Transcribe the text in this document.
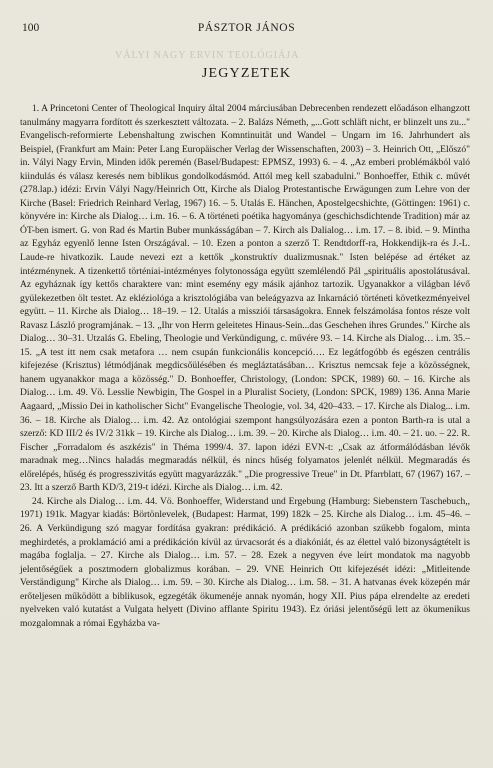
100	PÁSZTOR JÁNOS
VÁLYI NAGY ERVIN TEOLÓGIÁJA
JEGYZETEK

1. A Princetoni Center of Theological Inquiry által 2004 márciusában Debrecenben rendezett előadáson elhangzott tanulmány magyarra fordított és szerkesztett változata. – 2. Balázs Németh, „...Gott schläft nicht, er blinzelt uns zu..." Evangelisch-reformierte Lebenshaltung zwischen Komntinuität und Wandel – Ungarn im 16. Jahrhundert als Beispiel, (Frankfurt am Main: Peter Lang Europäischer Verlag der Wissenschaften, 2003) – 3. Heinrich Ott, „Előszó" in. Vályi Nagy Ervin, Minden idők peremén (Basel/Budapest: EPMSZ, 1993) 6. – 4. „Az emberi problémákból való kiindulás és válasz keresés nem biblikus gondolkodásmód. Attól meg kell szabadulni." Bonhoeffer, Ethik c. művét (278.lap.) idézi: Ervin Vályi Nagy/Heinrich Ott, Kirche als Dialog Protestantische Erwägungen zum Lehre von der Kirche (Basel: Friedrich Reinhard Verlag, 1967) 16. – 5. Utalás E. Hänchen, Apostelgecshichte, (Göttingen: 1961) c. könyvére in: Kirche als Dialog… i.m. 16. – 6. A történeti poétika hagyománya (geschichsdichtende Tradition) már az ÓT-ben ismert. G. von Rad és Martin Buber munkásságában – 7. Kirch als Dalialog… i.m. 17. – 8. ibid. – 9. Mintha az Egyház egyenlő lenne Isten Országával. – 10. Ezen a ponton a szerző T. Rendtdorff-ra, Hokkendijk-ra és J.-L. Laude-re hivatkozik. Laude nevezi ezt a kettők „konstruktív dualizmusnak." Isten belépése ad értéket az intézménynek. A tizenkettő történiai-intézményes folytonossága együtt szemlélendő Pál „spirituális apostolátusával. Az egyháznak így kettős charaktere van: mint esemény egy másik ajánhoz tartozik. Ugyanakkor a világban lévő gyülekezetben ölt testet. Az ekléziológa a krisztológiába van beleágyazva az Inkarnáció történeti következményeivel együtt. – 11. Kirche als Dialog… 18–19. – 12. Utalás a missziói társaságokra. Ennek felszámolása fontos része volt Ravasz László programjának. – 13. „Ihr von Herrn geleitetes Hinaus-Sein...das Geschehen ihres Grundes." Kirche als Dialog… 30–31. Utzalás G. Ebeling, Theologie und Verkündigung, c. művére 93. – 14. Kirche als Dialog… i.m. 35.– 15. „A test itt nem csak metafora … nem csupán funkcionális koncepció…. Ez legátfogóbb és egészen centrális kifejezése (Krisztus) létmódjának megdicsőülésében és megláztatásában… Krisztus nemcsak feje a közösségnek, hanem ugyanakkor maga a közösség." D. Bonhoeffer, Christology, (London: SPCK, 1989) 60. – 16. Kirche als Dialog… i.m. 49. Vö. Lesslie Newbigin, The Gospel in a Pluralist Society, (London: SPCK, 1989) 136. Anna Marie Aagaard, „Missio Dei in katholischer Sicht" Evangelische Theologie, vol. 34, 420–433. – 17. Kirche als Dialog... i.m. 36. – 18. Kirche als Dialog… i.m. 42. Az ontológiai szempont hangsúlyozására ezen a ponton Barth-ra is utal a szerző: KD III/2 és IV/2 31kk – 19. Kirche als Dialog… i.m. 39. – 20. Kirche als Dialog… i.m. 40. – 21. uo. – 22. R. Fischer „Forradalom és aszkézis" in Théma 1999/4. 37. lapon idézi EVN-t: „Csak az átformálódásban lévők maradnak meg…Nincs haladás megmaradás nélkül, és nincs hűség folyamatos jelenlét nélkül. Megmaradás és előrelépés, hűség és progresszivitás együtt magyarázzák." „Die progressive Treue" in Dt. Pfarrblatt, 67 (1967) 167. – 23. Itt a szerző Barth KD/3, 219-t idézi. Kirche als Dialog… i.m. 42.

24. Kirche als Dialog… i.m. 44. Vö. Bonhoeffer, Widerstand und Ergebung (Hamburg: Siebenstern Taschebuch,, 1971) 191k. Magyar kiadás: Börtönlevelek, (Budapest: Harmat, 199) 182k – 25. Kirche als Dialog… i.m. 45–46. – 26. A Verkündigung szó magyar fordítása gyakran: prédikáció. A prédikáció azonban szűkebb fogalom, minta meghirdetés, a proklamáció ami a prédikáción kívül az úrvacsorát és a diakóniát, és az élettel való bizonyságtételt is magába foglalja. – 27. Kirche als Dialog… i.m. 57. – 28. Ezek a negyven éve leírt mondatok ma nagyobb jelentőségűek a posztmodern globalizmus korában. – 29. VNE Heinrich Ott kifejezését idézi: „Mitleitende Verständigung" Kirche als Dialog… i.m. 59. – 30. Kirche als Dialog… i.m. 58. – 31. A hatvanas évek közepén már erőteljesen működött a biblikusok, egzegéták ökumenéje annak nyomán, hogy XII. Pius pápa elrendelte az eredeti nyelveken való kutatást a Vulgata helyett (Divino afflante Spiritu 1943). Ez óriási jelentőségű lett az ökumenikus mozgalomnak a római Egyházba va-
